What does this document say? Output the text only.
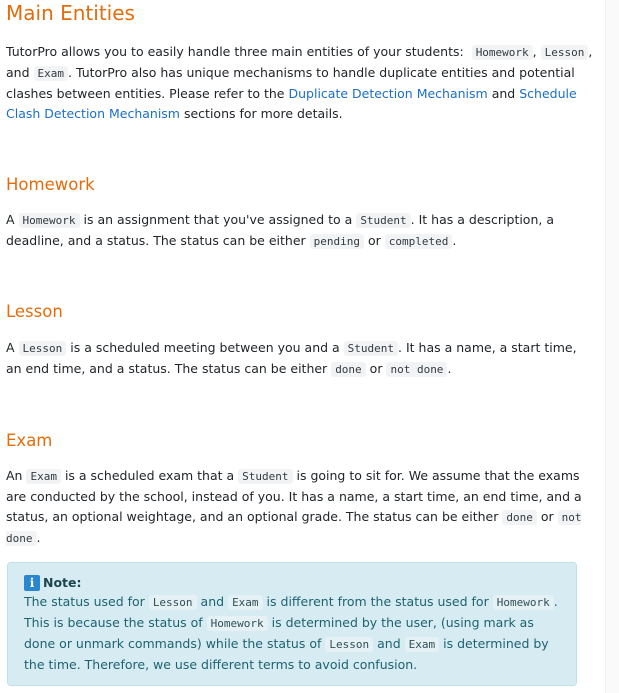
Main Entities

TutorPro allows you to easily handle three main entities of your students: Homework , Lesson , and Exam . TutorPro also has unique mechanisms to handle duplicate entities and potential clashes between entities. Please refer to the Duplicate Detection Mechanism and Schedule Clash Detection Mechanism sections for more details.

Homework

A Homework is an assignment that you've assigned to a Student . It has a description, a deadline, and a status. The status can be either pending or completed .

Lesson

A Lesson is a scheduled meeting between you and a Student . It has a name, a start time, an end time, and a status. The status can be either done or not done .

Exam

An Exam is a scheduled exam that a Student is going to sit for. We assume that the exams are conducted by the school, instead of you. It has a name, a start time, an end time, and a status, an optional weightage, and an optional grade. The status can be either done or not done .

i Note:

The status used for Lesson and Exam is different from the status used for Homework . This is because the status of Homework is determined by the user, (using mark as done or unmark commands) while the status of Lesson and Exam is determined by the time. Therefore, we use different terms to avoid confusion.
